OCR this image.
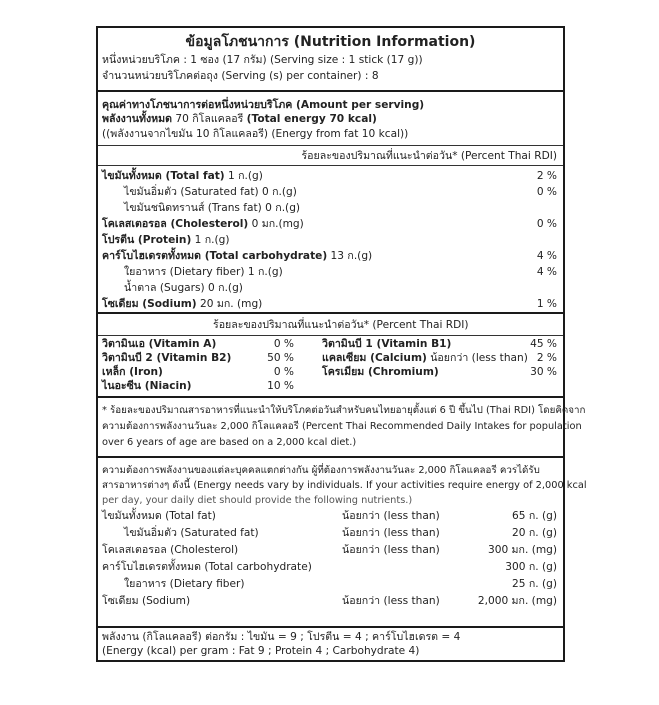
ข้อมูลโภชนาการ (Nutrition Information)
หนึ่งหน่วยบริโภค : 1 ซอง (17 กรัม) (Serving size : 1 stick (17 g))
จำนวนหน่วยบริโภคต่อถุง (Serving (s) per container) : 8
คุณค่าทางโภชนาการต่อหนึ่งหน่วยบริโภค (Amount per serving)
พลังงานทั้งหมด 70 กิโลแคลอรี (Total energy 70 kcal)
((พลังงานจากไขมัน 10 กิโลแคลอรี) (Energy from fat 10 kcal))
ร้อยละของปริมาณที่แนะนำต่อวัน* (Percent Thai RDI)
ไขมันทั้งหมด (Total fat) 1 ก.(g)	2 %
ไขมันอิ่มตัว (Saturated fat) 0 ก.(g)	0 %
ไขมันชนิดทรานส์ (Trans fat) 0 ก.(g)
โคเลสเตอรอล (Cholesterol) 0 มก.(mg)	0 %
โปรตีน (Protein) 1 ก.(g)
คาร์โบไฮเดรตทั้งหมด (Total carbohydrate) 13 ก.(g)	4 %
ใยอาหาร (Dietary fiber) 1 ก.(g)	4 %
น้ำตาล (Sugars) 0 ก.(g)
โซเดียม (Sodium) 20 มก. (mg)	1 %
ร้อยละของปริมาณที่แนะนำต่อวัน* (Percent Thai RDI)
วิตามินเอ (Vitamin A)	0 %	วิตามินบี 1 (Vitamin B1)	45 %
วิตามินบี 2 (Vitamin B2)	50 %	แคลเซียม (Calcium) น้อยกว่า (less than) 2 %
เหล็ก (Iron)	0 %	โครเมียม (Chromium)	30 %
ไนอะซีน (Niacin)	10 %
* ร้อยละของปริมาณสารอาหารที่แนะนำให้บริโภคต่อวันสำหรับคนไทยอายุตั้งแต่ 6 ปี ขึ้นไป (Thai RDI) โดยคิดจาก
ความต้องการพลังงานวันละ 2,000 กิโลแคลอรี (Percent Thai Recommended Daily Intakes for population
over 6 years of age are based on a 2,000 kcal diet.)
ความต้องการพลังงานของแต่ละบุคคลแตกต่างกัน ผู้ที่ต้องการพลังงานวันละ 2,000 กิโลแคลอรี ควรได้รับ
สารอาหารต่างๆ ดังนี้ (Energy needs vary by individuals. If your activities require energy of 2,000 kcal
per day, your daily diet should provide the following nutrients.)
ไขมันทั้งหมด (Total fat)	น้อยกว่า (less than)	65 ก. (g)
ไขมันอิ่มตัว (Saturated fat)	น้อยกว่า (less than)	20 ก. (g)
โคเลสเตอรอล (Cholesterol)	น้อยกว่า (less than)	300 มก. (mg)
คาร์โบไฮเดรตทั้งหมด (Total carbohydrate)	300 ก. (g)
ใยอาหาร (Dietary fiber)	25 ก. (g)
โซเดียม (Sodium)	น้อยกว่า (less than)	2,000 มก. (mg)
พลังงาน (กิโลแคลอรี) ต่อกรัม : ไขมัน = 9 ; โปรตีน = 4 ; คาร์โบไฮเดรต = 4
(Energy (kcal) per gram : Fat 9 ; Protein 4 ; Carbohydrate 4)
